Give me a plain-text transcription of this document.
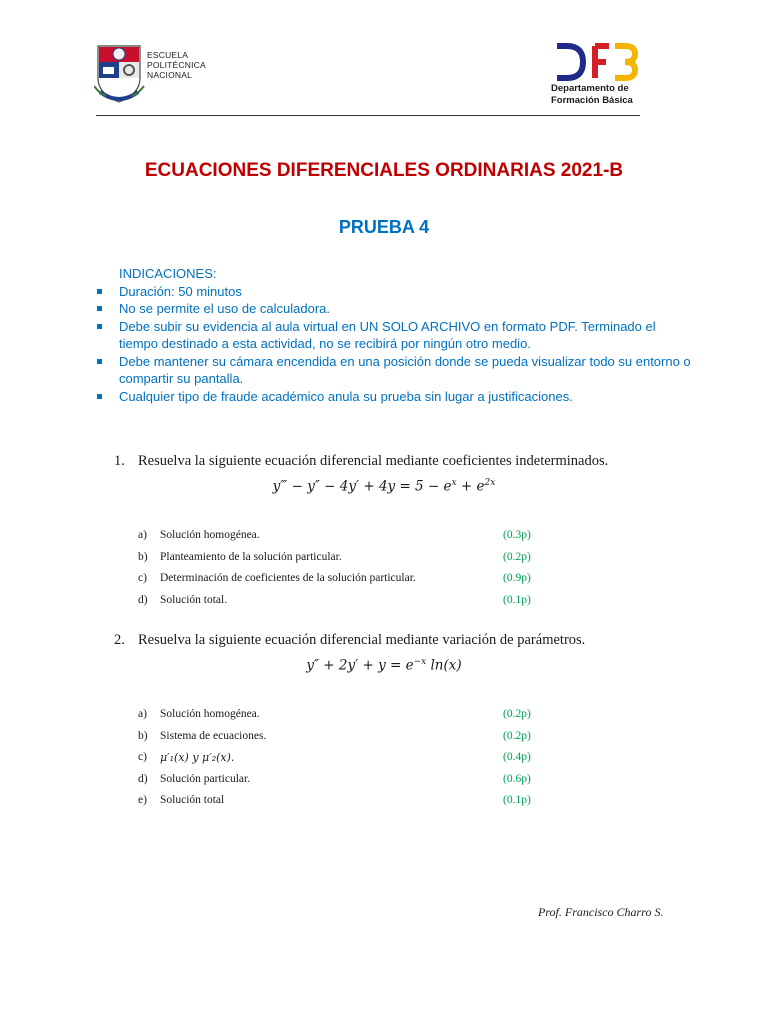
ESCUELA
POLITÉCNICA
NACIONAL
Departamento de
Formación Básica
ECUACIONES DIFERENCIALES ORDINARIAS 2021-B
PRUEBA 4
INDICACIONES:
Duración: 50 minutos
No se permite el uso de calculadora.
Debe subir su evidencia al aula virtual en UN SOLO ARCHIVO en formato PDF. Terminado el tiempo destinado a esta actividad, no se recibirá por ningún otro medio.
Debe mantener su cámara encendida en una posición donde se pueda visualizar todo su entorno o compartir su pantalla.
Cualquier tipo de fraude académico anula su prueba sin lugar a justificaciones.
1. Resuelva la siguiente ecuación diferencial mediante coeficientes indeterminados.
y‴ − $y'' - 4y' + 4y = 5 - e^x + e^{2x}$
a) Solución homogénea.	(0.3p)
b) Planteamiento de la solución particular.	(0.2p)
c) Determinación de coeficientes de la solución particular.	(0.9p)
d) Solución total.	(0.1p)
2. Resuelva la siguiente ecuación diferencial mediante variación de parámetros.
$y'' + 2y' + y = e^{-x}$ ln(x)
a) Solución homogénea.	(0.2p)
b) Sistema de ecuaciones.	(0.2p)
c) μ′₁(x) y μ′₂(x).	(0.4p)
d) Solución particular.	(0.6p)
e) Solución total	(0.1p)
Prof. Francisco Charro S.
